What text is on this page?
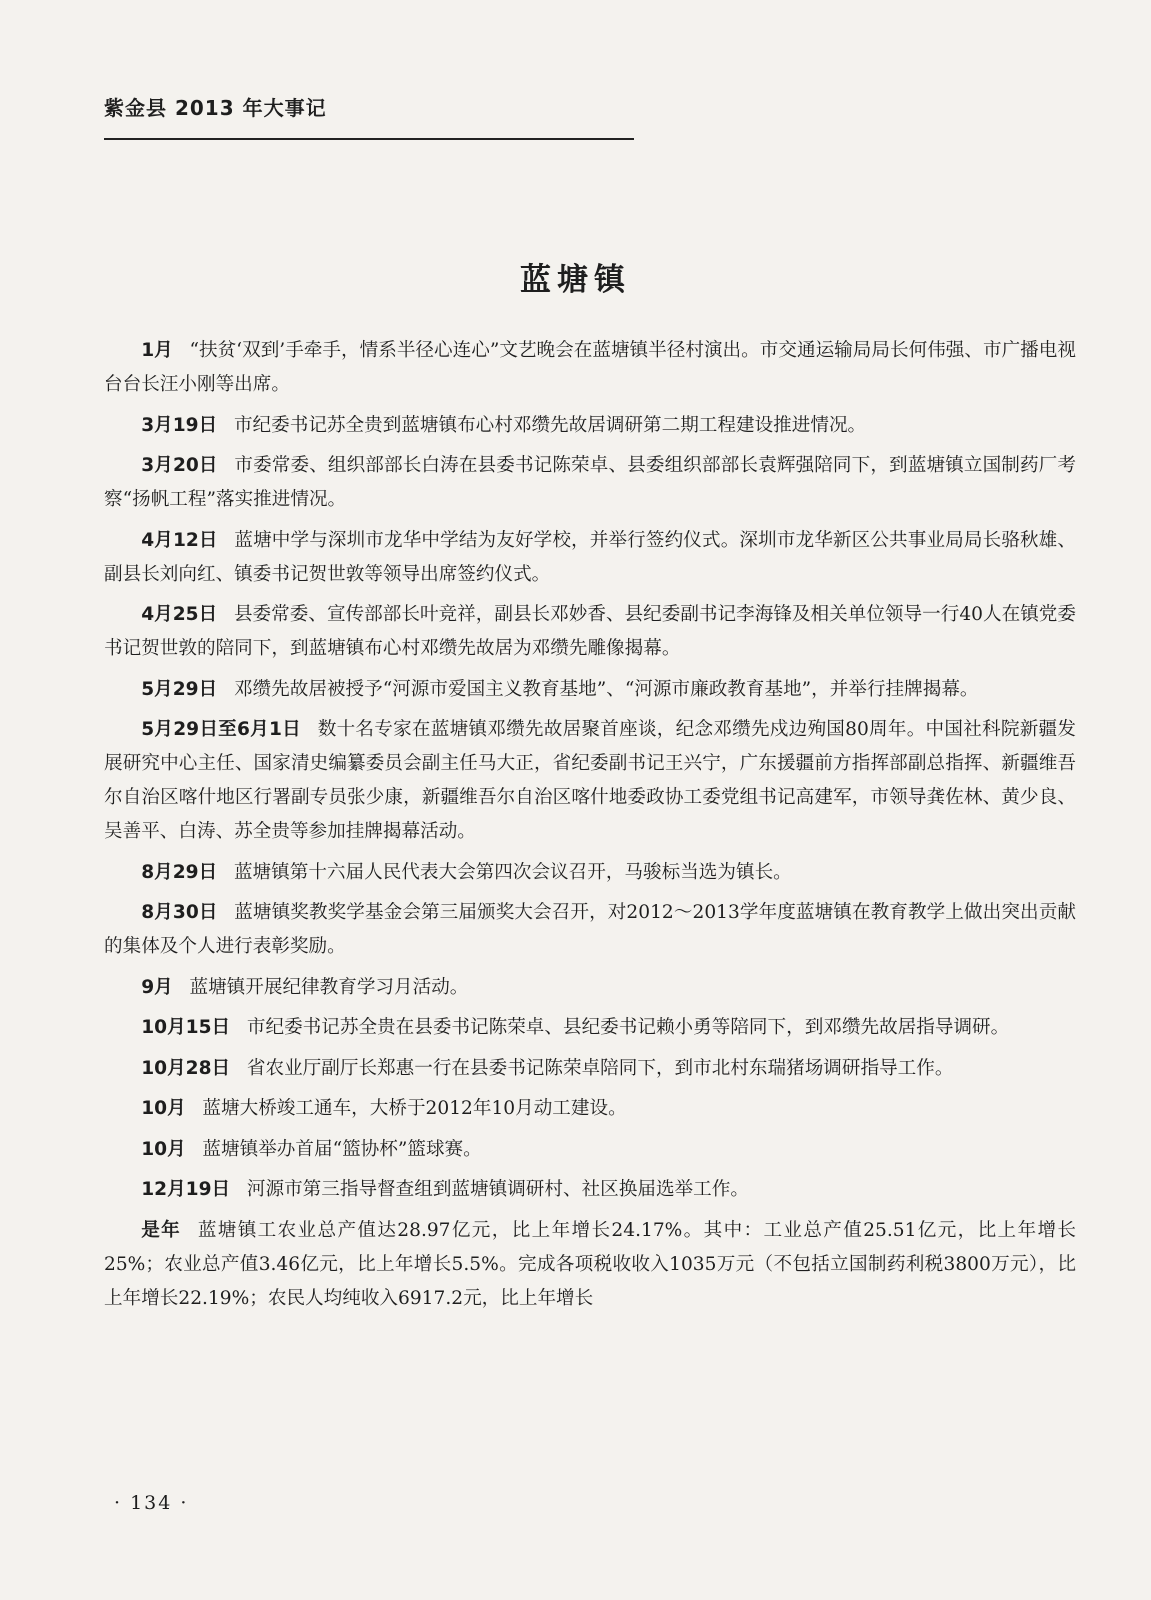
紫金县 2013 年大事记
蓝塘镇

1月 “扶贫‘双到’手牵手，情系半径心连心”文艺晚会在蓝塘镇半径村演出。市交通运输局局长何伟强、市广播电视台台长汪小刚等出席。

3月19日 市纪委书记苏全贵到蓝塘镇布心村邓缵先故居调研第二期工程建设推进情况。

3月20日 市委常委、组织部部长白涛在县委书记陈荣卓、县委组织部部长袁辉强陪同下，到蓝塘镇立国制药厂考察“扬帆工程”落实推进情况。

4月12日 蓝塘中学与深圳市龙华中学结为友好学校，并举行签约仪式。深圳市龙华新区公共事业局局长骆秋雄、副县长刘向红、镇委书记贺世敦等领导出席签约仪式。

4月25日 县委常委、宣传部部长叶竞祥，副县长邓妙香、县纪委副书记李海锋及相关单位领导一行40人在镇党委书记贺世敦的陪同下，到蓝塘镇布心村邓缵先故居为邓缵先雕像揭幕。

5月29日 邓缵先故居被授予“河源市爱国主义教育基地”、“河源市廉政教育基地”，并举行挂牌揭幕。

5月29日至6月1日 数十名专家在蓝塘镇邓缵先故居聚首座谈，纪念邓缵先戍边殉国80周年。中国社科院新疆发展研究中心主任、国家清史编纂委员会副主任马大正，省纪委副书记王兴宁，广东援疆前方指挥部副总指挥、新疆维吾尔自治区喀什地区行署副专员张少康，新疆维吾尔自治区喀什地委政协工委党组书记高建军，市领导龚佐林、黄少良、吴善平、白涛、苏全贵等参加挂牌揭幕活动。

8月29日 蓝塘镇第十六届人民代表大会第四次会议召开，马骏标当选为镇长。

8月30日 蓝塘镇奖教奖学基金会第三届颁奖大会召开，对2012～2013学年度蓝塘镇在教育教学上做出突出贡献的集体及个人进行表彰奖励。

9月 蓝塘镇开展纪律教育学习月活动。

10月15日 市纪委书记苏全贵在县委书记陈荣卓、县纪委书记赖小勇等陪同下，到邓缵先故居指导调研。

10月28日 省农业厅副厅长郑惠一行在县委书记陈荣卓陪同下，到市北村东瑞猪场调研指导工作。

10月 蓝塘大桥竣工通车，大桥于2012年10月动工建设。

10月 蓝塘镇举办首届“篮协杯”篮球赛。

12月19日 河源市第三指导督查组到蓝塘镇调研村、社区换届选举工作。

是年 蓝塘镇工农业总产值达28.97亿元，比上年增长24.17%。其中：工业总产值25.51亿元，比上年增长25%；农业总产值3.46亿元，比上年增长5.5%。完成各项税收收入1035万元（不包括立国制药利税3800万元），比上年增长22.19%；农民人均纯收入6917.2元，比上年增长

· 134 ·
